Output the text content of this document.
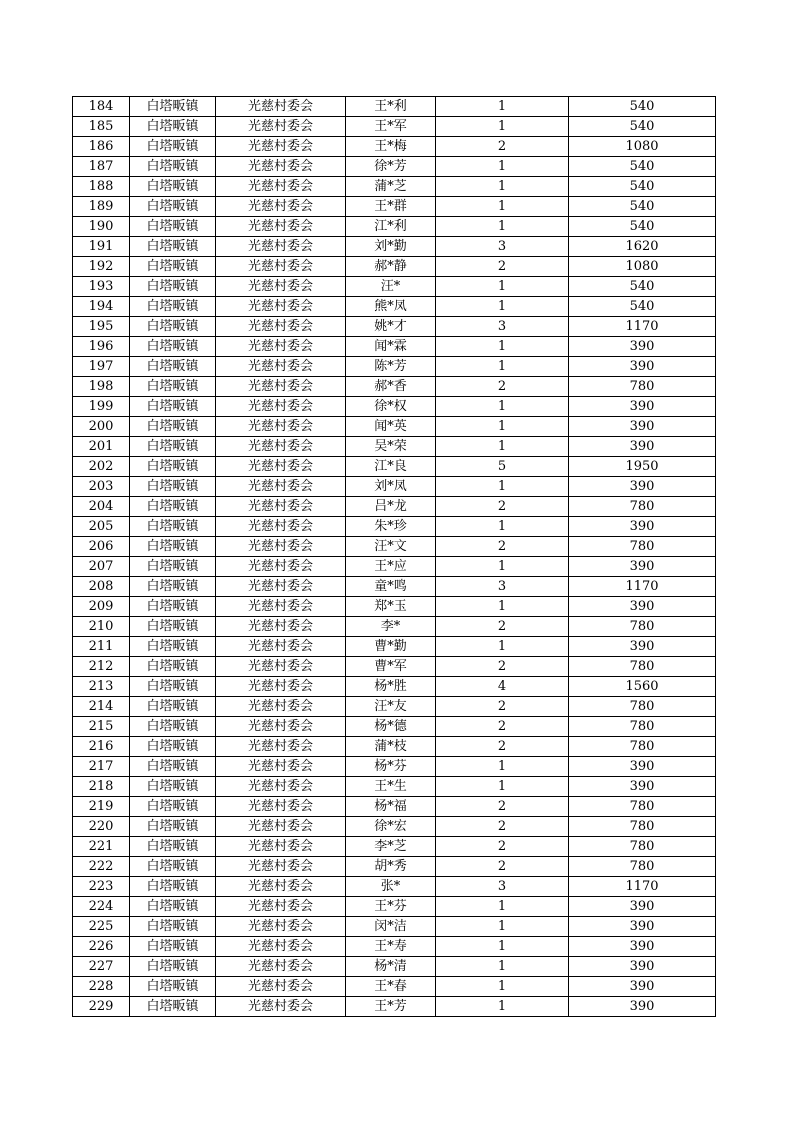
184	白塔畈镇	光慈村委会	王*利	1	540
185	白塔畈镇	光慈村委会	王*军	1	540
186	白塔畈镇	光慈村委会	王*梅	2	1080
187	白塔畈镇	光慈村委会	徐*芳	1	540
188	白塔畈镇	光慈村委会	蒲*芝	1	540
189	白塔畈镇	光慈村委会	王*群	1	540
190	白塔畈镇	光慈村委会	江*利	1	540
191	白塔畈镇	光慈村委会	刘*勤	3	1620
192	白塔畈镇	光慈村委会	郝*静	2	1080
193	白塔畈镇	光慈村委会	汪*	1	540
194	白塔畈镇	光慈村委会	熊*凤	1	540
195	白塔畈镇	光慈村委会	姚*才	3	1170
196	白塔畈镇	光慈村委会	闻*霖	1	390
197	白塔畈镇	光慈村委会	陈*芳	1	390
198	白塔畈镇	光慈村委会	郝*香	2	780
199	白塔畈镇	光慈村委会	徐*权	1	390
200	白塔畈镇	光慈村委会	闻*英	1	390
201	白塔畈镇	光慈村委会	吴*荣	1	390
202	白塔畈镇	光慈村委会	江*良	5	1950
203	白塔畈镇	光慈村委会	刘*凤	1	390
204	白塔畈镇	光慈村委会	吕*龙	2	780
205	白塔畈镇	光慈村委会	朱*珍	1	390
206	白塔畈镇	光慈村委会	汪*文	2	780
207	白塔畈镇	光慈村委会	王*应	1	390
208	白塔畈镇	光慈村委会	童*鸣	3	1170
209	白塔畈镇	光慈村委会	郑*玉	1	390
210	白塔畈镇	光慈村委会	李*	2	780
211	白塔畈镇	光慈村委会	曹*勤	1	390
212	白塔畈镇	光慈村委会	曹*军	2	780
213	白塔畈镇	光慈村委会	杨*胜	4	1560
214	白塔畈镇	光慈村委会	汪*友	2	780
215	白塔畈镇	光慈村委会	杨*德	2	780
216	白塔畈镇	光慈村委会	蒲*枝	2	780
217	白塔畈镇	光慈村委会	杨*芬	1	390
218	白塔畈镇	光慈村委会	王*生	1	390
219	白塔畈镇	光慈村委会	杨*福	2	780
220	白塔畈镇	光慈村委会	徐*宏	2	780
221	白塔畈镇	光慈村委会	李*芝	2	780
222	白塔畈镇	光慈村委会	胡*秀	2	780
223	白塔畈镇	光慈村委会	张*	3	1170
224	白塔畈镇	光慈村委会	王*芬	1	390
225	白塔畈镇	光慈村委会	闵*洁	1	390
226	白塔畈镇	光慈村委会	王*寿	1	390
227	白塔畈镇	光慈村委会	杨*清	1	390
228	白塔畈镇	光慈村委会	王*春	1	390
229	白塔畈镇	光慈村委会	王*芳	1	390
